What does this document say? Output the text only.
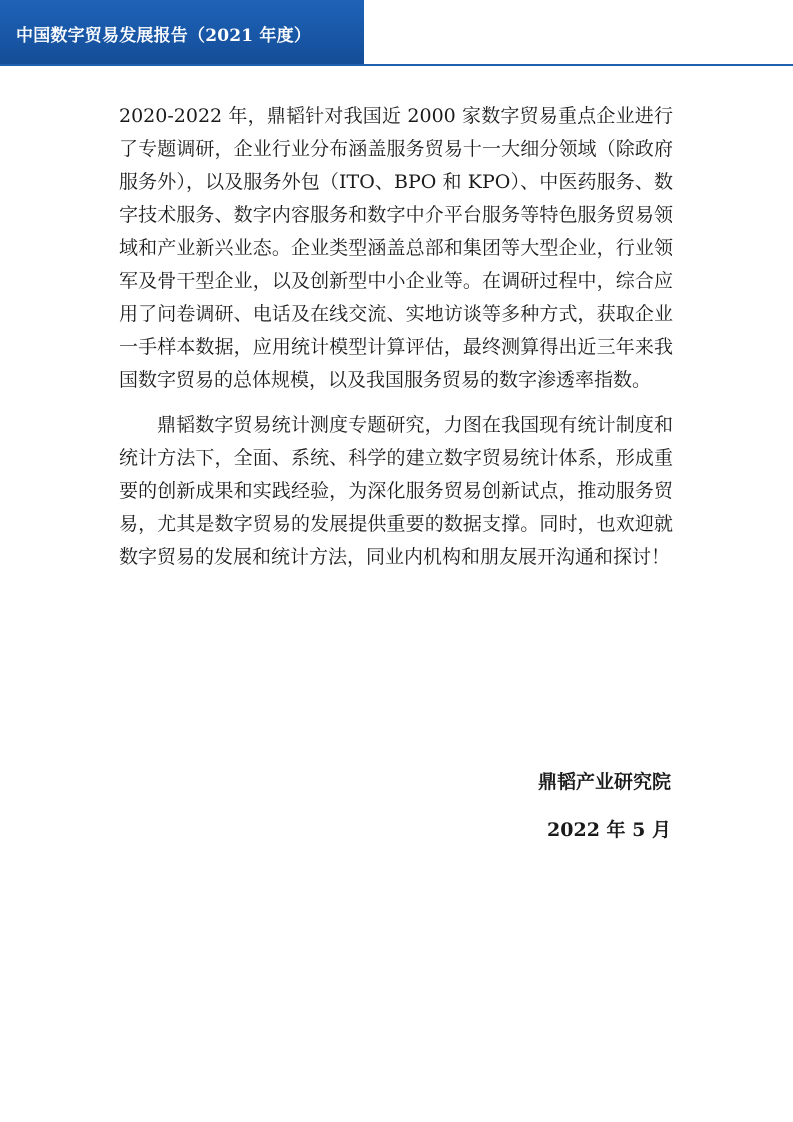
中国数字贸易发展报告（2021 年度）

2020-2022 年，鼎韬针对我国近 2000 家数字贸易重点企业进行了专题调研，企业行业分布涵盖服务贸易十一大细分领域（除政府服务外），以及服务外包（ITO、BPO 和 KPO）、中医药服务、数字技术服务、数字内容服务和数字中介平台服务等特色服务贸易领域和产业新兴业态。企业类型涵盖总部和集团等大型企业，行业领军及骨干型企业，以及创新型中小企业等。在调研过程中，综合应用了问卷调研、电话及在线交流、实地访谈等多种方式，获取企业一手样本数据，应用统计模型计算评估，最终测算得出近三年来我国数字贸易的总体规模，以及我国服务贸易的数字渗透率指数。

鼎韬数字贸易统计测度专题研究，力图在我国现有统计制度和统计方法下，全面、系统、科学的建立数字贸易统计体系，形成重要的创新成果和实践经验，为深化服务贸易创新试点，推动服务贸易，尤其是数字贸易的发展提供重要的数据支撑。同时，也欢迎就数字贸易的发展和统计方法，同业内机构和朋友展开沟通和探讨！

鼎韬产业研究院
2022 年 5 月
